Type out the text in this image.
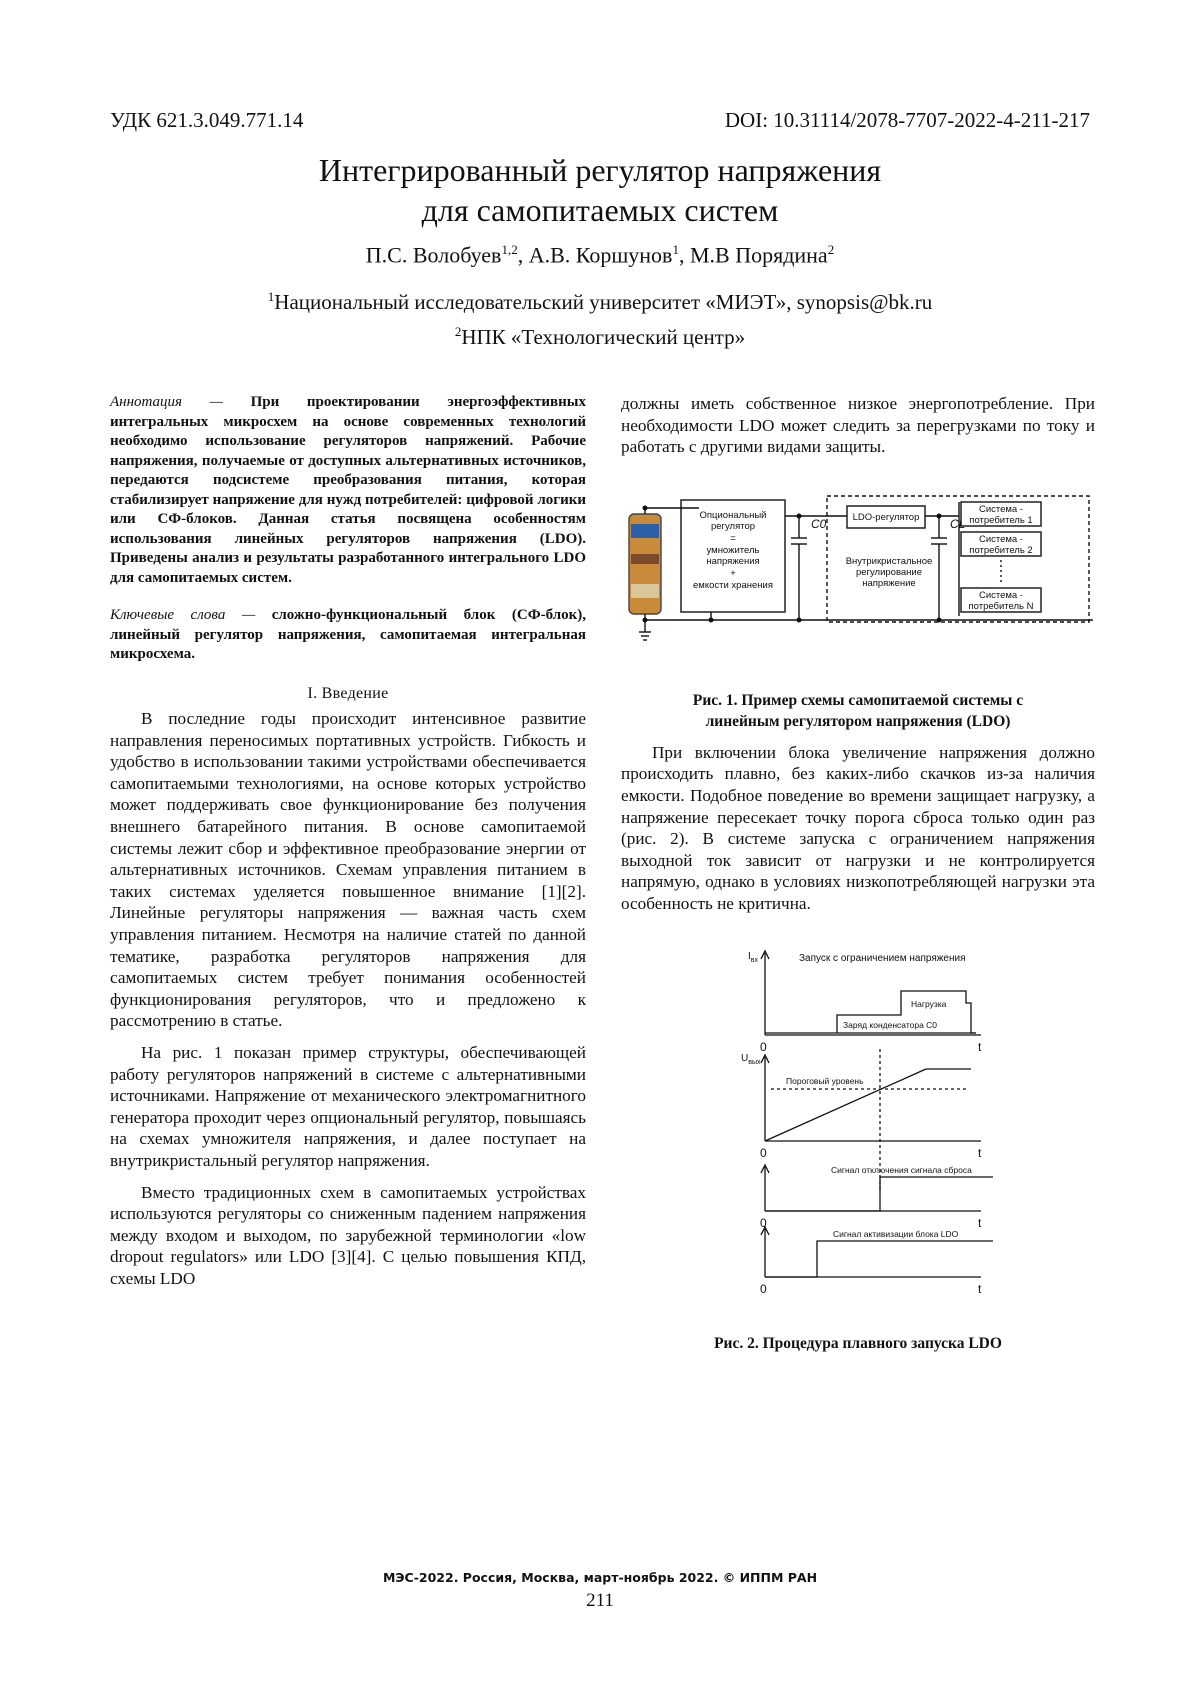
УДК 621.3.049.771.14	DOI: 10.31114/2078-7707-2022-4-211-217
Интегрированный регулятор напряжения
для самопитаемых систем
П.С. Волобуев$^{1,2}$, А.В. Коршунов$^1$, М.В Порядина$^2$
$^1$Национальный исследовательский университет «МИЭТ», synopsis@bk.ru
$^2$НПК «Технологический центр»

Аннотация — При проектировании энергоэффективных интегральных микросхем на основе современных технологий необходимо использование регуляторов напряжений. Рабочие напряжения, получаемые от доступных альтернативных источников, передаются подсистеме преобразования питания, которая стабилизирует напряжение для нужд потребителей: цифровой логики или СФ-блоков. Данная статья посвящена особенностям использования линейных регуляторов напряжения (LDO). Приведены анализ и результаты разработанного интегрального LDO для самопитаемых систем.

Ключевые слова — сложно-функциональный блок (СФ-блок), линейный регулятор напряжения, самопитаемая интегральная микросхема.

I. Введение

В последние годы происходит интенсивное развитие направления переносимых портативных устройств. Гибкость и удобство в использовании такими устройствами обеспечивается самопитаемыми технологиями, на основе которых устройство может поддерживать свое функционирование без получения внешнего батарейного питания. В основе самопитаемой системы лежит сбор и эффективное преобразование энергии от альтернативных источников. Схемам управления питанием в таких системах уделяется повышенное внимание [1][2]. Линейные регуляторы напряжения — важная часть схем управления питанием. Несмотря на наличие статей по данной тематике, разработка регуляторов напряжения для самопитаемых систем требует понимания особенностей функционирования регуляторов, что и предложено к рассмотрению в статье.

На рис. 1 показан пример структуры, обеспечивающей работу регуляторов напряжений в системе с альтернативными источниками. Напряжение от механического электромагнитного генератора проходит через опциональный регулятор, повышаясь на схемах умножителя напряжения, и далее поступает на внутрикристальный регулятор напряжения.

Вместо традиционных схем в самопитаемых устройствах используются регуляторы со сниженным падением напряжения между входом и выходом, по зарубежной терминологии «low dropout regulators» или LDO [3][4]. С целью повышения КПД, схемы LDO

должны иметь собственное низкое энергопотребление. При необходимости LDO может следить за перегрузками по току и работать с другими видами защиты.

Опциональный
регулятор
=
умножитель
напряжения
+
емкости хранения
LDO-регулятор
Внутрикристальное
регулирование
напряжение
Система -
потребитель 1
Система -
потребитель 2
Система -
потребитель N
C0	CL

Рис. 1. Пример схемы самопитаемой системы с

линейным регулятором напряжения (LDO)

При включении блока увеличение напряжения должно происходить плавно, без каких-либо скачков из-за наличия емкости. Подобное поведение во времени защищает нагрузку, а напряжение пересекает точку порога сброса только один раз (рис. 2). В системе запуска с ограничением напряжения выходной ток зависит от нагрузки и не контролируется напрямую, однако в условиях низкопотребляющей нагрузки эта особенность не критична.

$I_{вх}$	Запуск с ограничением напряжения
Нагрузка
Заряд конденсатора C0
$U_{вых}$
Пороговый уровень
Сигнал отключения сигнала сброса
Сигнал активизации блока LDO
0	t
0	t
0	t
0	t

Рис. 2. Процедура плавного запуска LDO

МЭС-2022. Россия, Москва, март-ноябрь 2022. © ИППМ РАН
211
